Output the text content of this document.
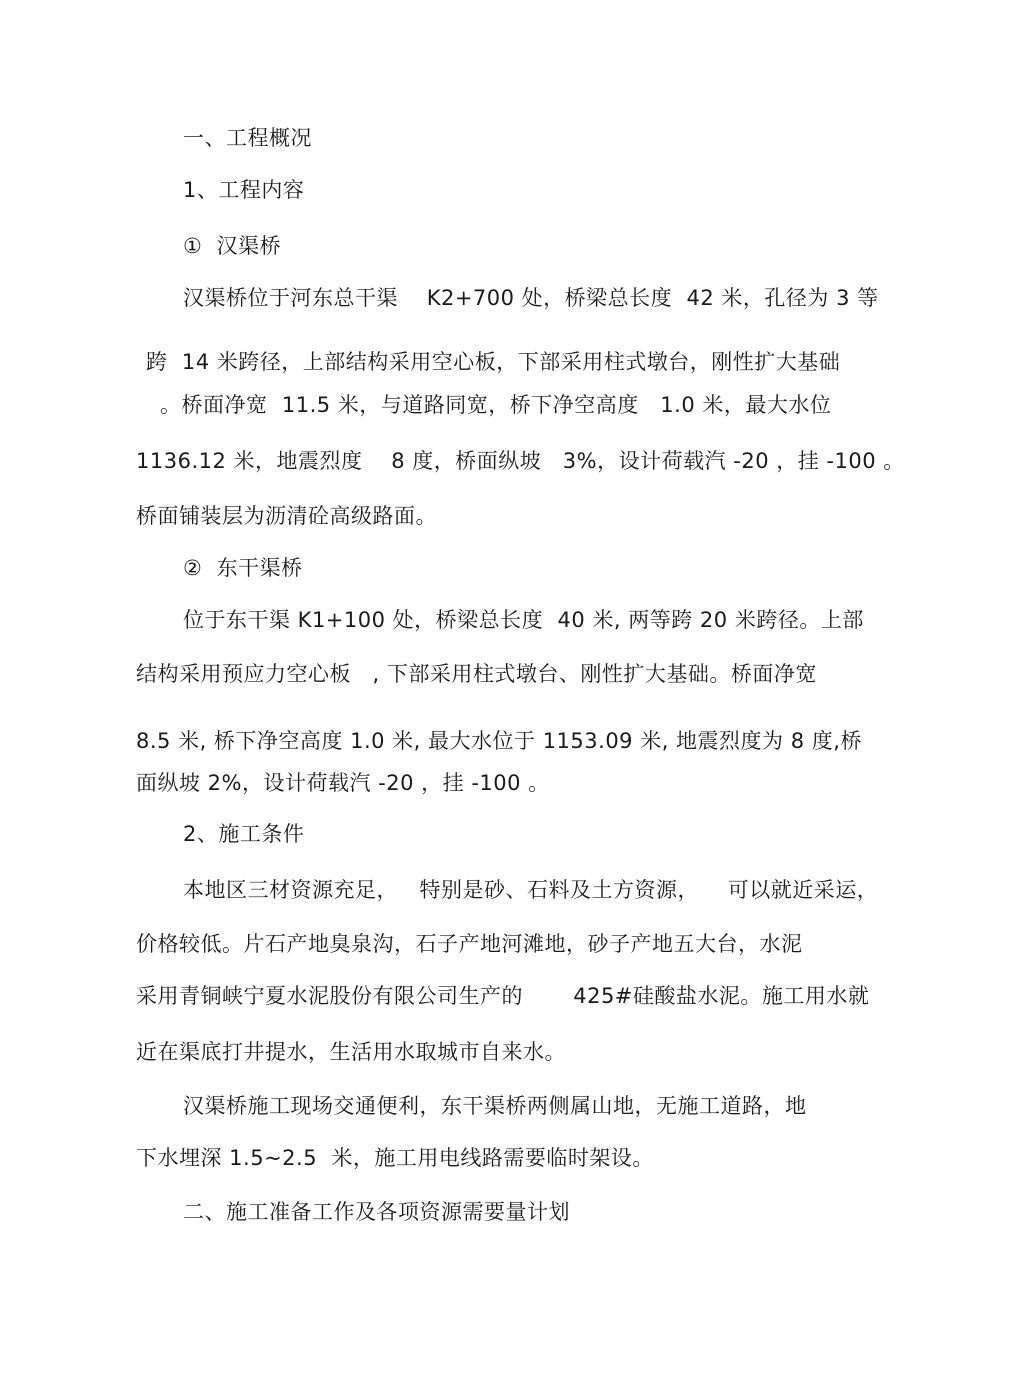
一、工程概况
1、工程内容
①  汉渠桥
汉渠桥位于河东总干渠    K2+700 处，桥梁总长度  42 米，孔径为 3 等
跨  14 米跨径，上部结构采用空心板，下部采用柱式墩台，刚性扩大基础
。桥面净宽  11.5 米，与道路同宽，桥下净空高度   1.0 米，最大水位
1136.12 米，地震烈度    8 度，桥面纵坡   3%，设计荷载汽 -20 ，挂 -100 。
桥面铺装层为沥清砼高级路面。
②  东干渠桥
位于东干渠 K1+100 处，桥梁总长度  40 米, 两等跨 20 米跨径。上部
结构采用预应力空心板   , 下部采用柱式墩台、刚性扩大基础。桥面净宽
8.5 米, 桥下净空高度 1.0 米, 最大水位于 1153.09 米, 地震烈度为 8 度,桥
面纵坡 2%，设计荷载汽 -20 ，挂 -100 。
2、施工条件
本地区三材资源充足，   特别是砂、石料及土方资源，    可以就近采运，
价格较低。片石产地臭泉沟，石子产地河滩地，砂子产地五大台，水泥
采用青铜峡宁夏水泥股份有限公司生产的       425#硅酸盐水泥。施工用水就
近在渠底打井提水，生活用水取城市自来水。
汉渠桥施工现场交通便利，东干渠桥两侧属山地，无施工道路，地
下水埋深 1.5~2.5  米，施工用电线路需要临时架设。
二、施工准备工作及各项资源需要量计划
